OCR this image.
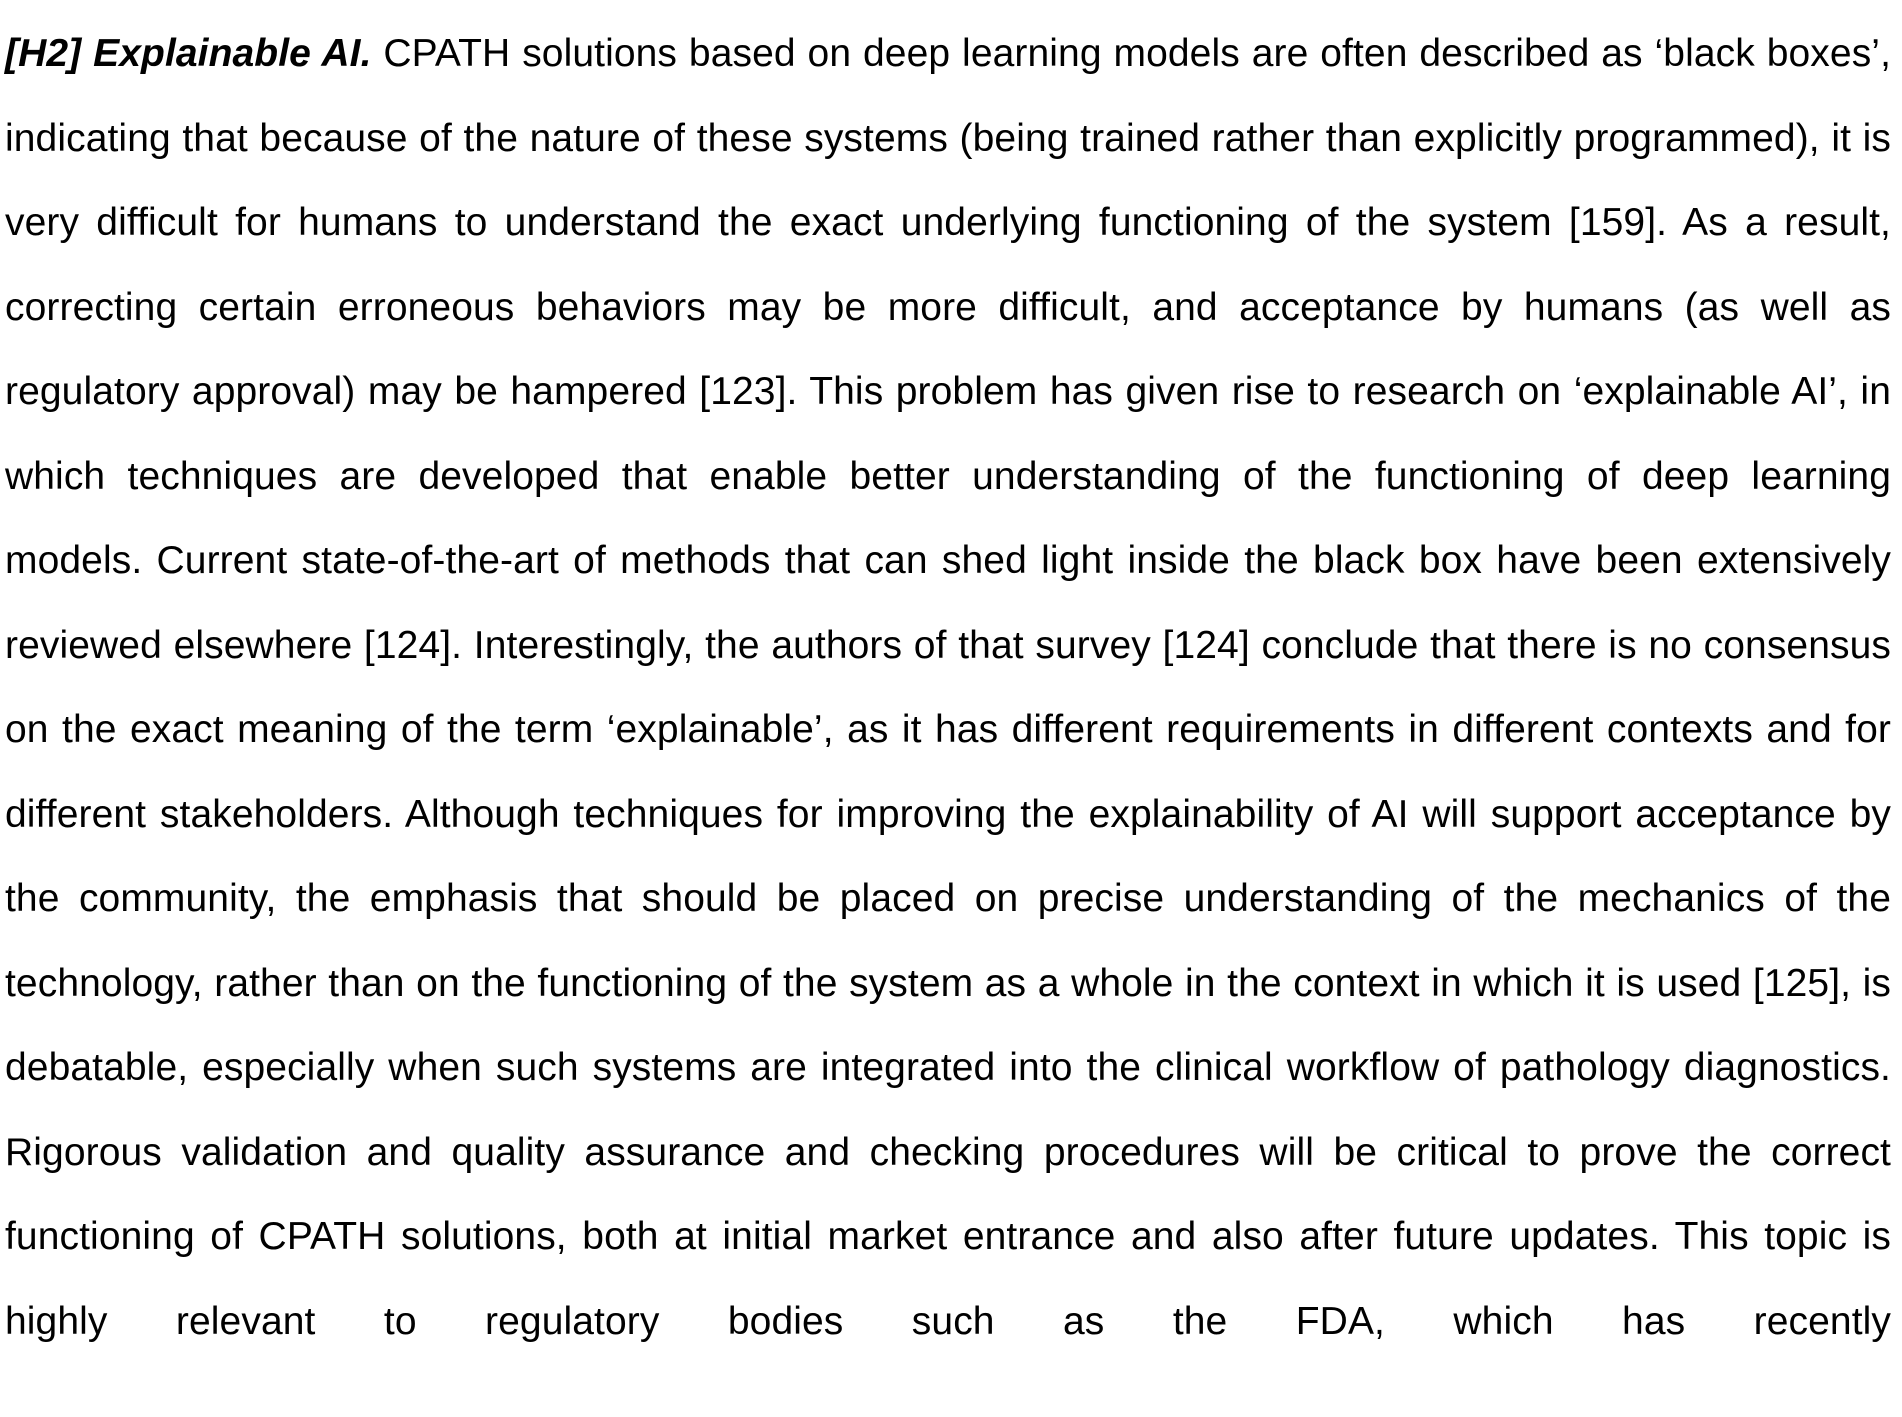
[H2] Explainable AI. CPATH solutions based on deep learning models are often described as ‘black boxes’, indicating that because of the nature of these systems (being trained rather than explicitly programmed), it is very difficult for humans to understand the exact underlying functioning of the system [159]. As a result, correcting certain erroneous behaviors may be more difficult, and acceptance by humans (as well as regulatory approval) may be hampered [123]. This problem has given rise to research on ‘explainable AI’, in which techniques are developed that enable better understanding of the functioning of deep learning models. Current state-of-the-art of methods that can shed light inside the black box have been extensively reviewed elsewhere [124]. Interestingly, the authors of that survey [124] conclude that there is no consensus on the exact meaning of the term ‘explainable’, as it has different requirements in different contexts and for different stakeholders. Although techniques for improving the explainability of AI will support acceptance by the community, the emphasis that should be placed on precise understanding of the mechanics of the technology, rather than on the functioning of the system as a whole in the context in which it is used [125], is debatable, especially when such systems are integrated into the clinical workflow of pathology diagnostics. Rigorous validation and quality assurance and checking procedures will be critical to prove the correct functioning of CPATH solutions, both at initial market entrance and also after future updates. This topic is highly relevant to regulatory bodies such as the FDA, which has recently
